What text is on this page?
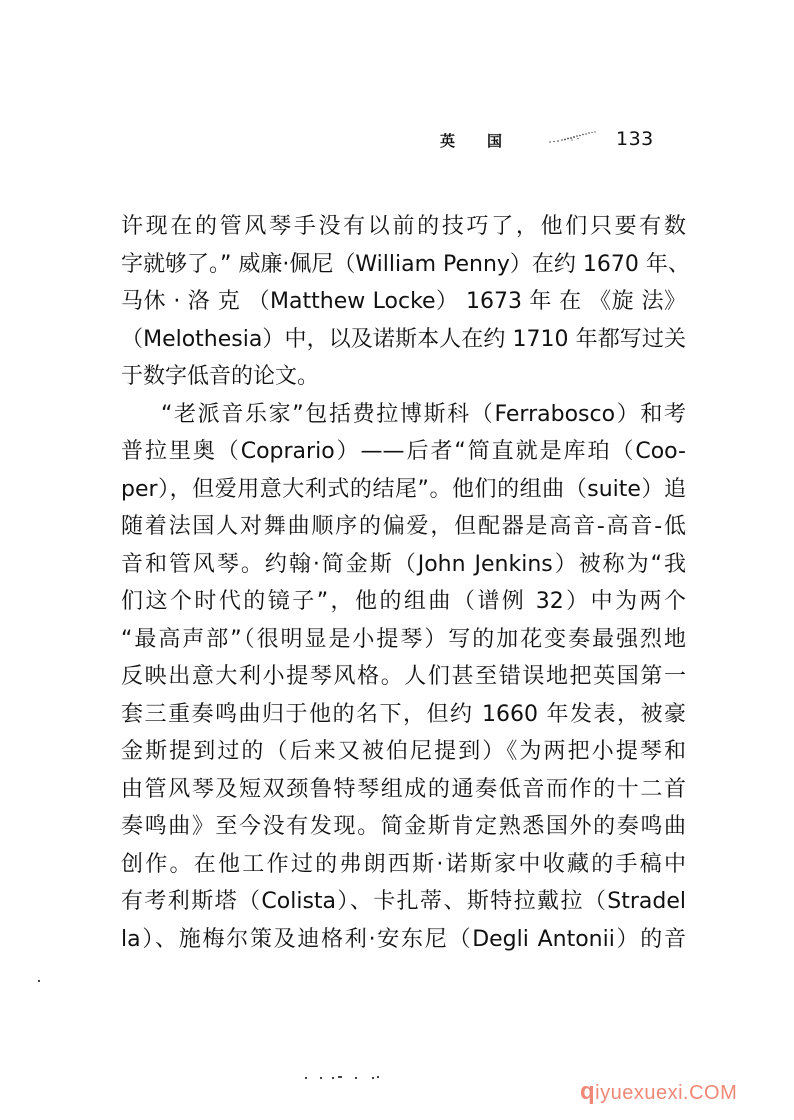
英 国	133
许现在的管风琴手没有以前的技巧了，他们只要有数
字就够了。” 威廉·佩尼（William Penny）在约 1670 年、
马休 · 洛 克 （Matthew Locke） 1673 年 在 《旋 法》
（Melothesia）中，以及诺斯本人在约 1710 年都写过关
于数字低音的论文。
“老派音乐家”包括费拉博斯科（Ferrabosco）和考
普拉里奥（Coprario）——后者“简直就是库珀（Coo-
per），但爱用意大利式的结尾”。他们的组曲（suite）追
随着法国人对舞曲顺序的偏爱，但配器是高音-高音-低
音和管风琴。约翰·简金斯（John Jenkins）被称为“我
们这个时代的镜子”，他的组曲（谱例 32）中为两个
“最高声部”（很明显是小提琴）写的加花变奏最强烈地
反映出意大利小提琴风格。人们甚至错误地把英国第一
套三重奏鸣曲归于他的名下，但约 1660 年发表，被豪
金斯提到过的（后来又被伯尼提到）《为两把小提琴和
由管风琴及短双颈鲁特琴组成的通奏低音而作的十二首
奏鸣曲》至今没有发现。简金斯肯定熟悉国外的奏鸣曲
创作。在他工作过的弗朗西斯·诺斯家中收藏的手稿中
有考利斯塔（Colista）、卡扎蒂、斯特拉戴拉（Stradel
la）、施梅尔策及迪格利·安东尼（Degli Antonii）的音
qiyuexuexi.COM
